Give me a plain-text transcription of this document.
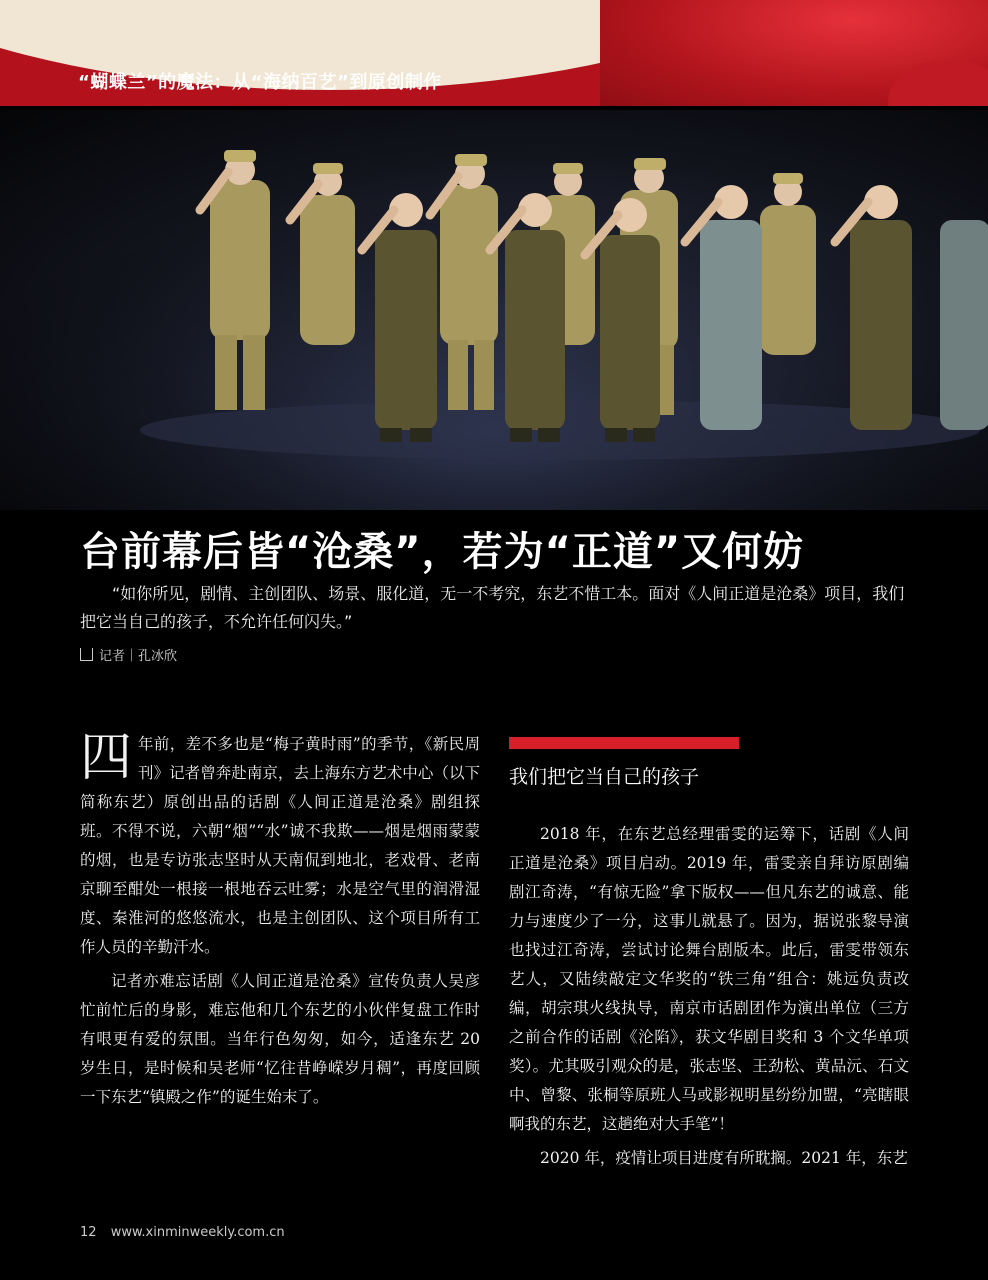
“蝴蝶兰”的魔法：从“海纳百艺”到原创制作
台前幕后皆“沧桑”，若为“正道”又何妨
“如你所见，剧情、主创团队、场景、服化道，无一不考究，东艺不惜工本。面对《人间正道是沧桑》项目，我们把它当自己的孩子，不允许任何闪失。”
记者｜孔冰欣

四年前，差不多也是“梅子黄时雨”的季节，《新民周刊》记者曾奔赴南京，去上海东方艺术中心（以下简称东艺）原创出品的话剧《人间正道是沧桑》剧组探班。不得不说，六朝“烟”“水”诚不我欺——烟是烟雨蒙蒙的烟，也是专访张志坚时从天南侃到地北，老戏骨、老南京聊至酣处一根接一根地吞云吐雾；水是空气里的润滑湿度、秦淮河的悠悠流水，也是主创团队、这个项目所有工作人员的辛勤汗水。

记者亦难忘话剧《人间正道是沧桑》宣传负责人吴彦忙前忙后的身影，难忘他和几个东艺的小伙伴复盘工作时有哏更有爱的氛围。当年行色匆匆，如今，适逢东艺 20 岁生日，是时候和吴老师“忆往昔峥嵘岁月稠”，再度回顾一下东艺“镇殿之作”的诞生始末了。

我们把它当自己的孩子

2018 年，在东艺总经理雷雯的运筹下，话剧《人间正道是沧桑》项目启动。2019 年，雷雯亲自拜访原剧编剧江奇涛，“有惊无险”拿下版权——但凡东艺的诚意、能力与速度少了一分，这事儿就悬了。因为，据说张黎导演也找过江奇涛，尝试讨论舞台剧版本。此后，雷雯带领东艺人，又陆续敲定文华奖的“铁三角”组合：姚远负责改编，胡宗琪火线执导，南京市话剧团作为演出单位（三方之前合作的话剧《沦陷》，获文华剧目奖和 3 个文华单项奖）。尤其吸引观众的是，张志坚、王劲松、黄品沅、石文中、曾黎、张桐等原班人马或影视明星纷纷加盟，“亮瞎眼啊我的东艺，这趟绝对大手笔”！

2020 年，疫情让项目进度有所耽搁。2021 年，东艺

12 www.xinminweekly.com.cn
